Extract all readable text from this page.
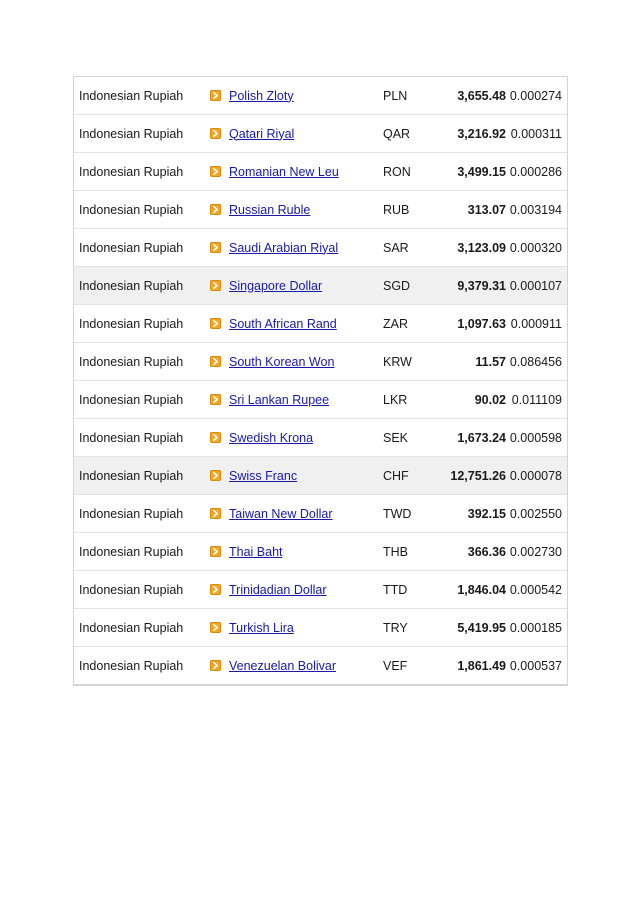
Indonesian Rupiah	Polish Zloty	PLN	3,655.48 0.000274
Indonesian Rupiah	Qatari Riyal	QAR	3,216.92 0.000311
Indonesian Rupiah	Romanian New Leu	RON	3,499.15 0.000286
Indonesian Rupiah	Russian Ruble	RUB	313.07 0.003194
Indonesian Rupiah	Saudi Arabian Riyal	SAR	3,123.09 0.000320
Indonesian Rupiah	Singapore Dollar	SGD	9,379.31 0.000107
Indonesian Rupiah	South African Rand	ZAR	1,097.63 0.000911
Indonesian Rupiah	South Korean Won	KRW	11.57 0.086456
Indonesian Rupiah	Sri Lankan Rupee	LKR	90.02 0.011109
Indonesian Rupiah	Swedish Krona	SEK	1,673.24 0.000598
Indonesian Rupiah	Swiss Franc	CHF	12,751.26 0.000078
Indonesian Rupiah	Taiwan New Dollar	TWD	392.15 0.002550
Indonesian Rupiah	Thai Baht	THB	366.36 0.002730
Indonesian Rupiah	Trinidadian Dollar	TTD	1,846.04 0.000542
Indonesian Rupiah	Turkish Lira	TRY	5,419.95 0.000185
Indonesian Rupiah	Venezuelan Bolivar	VEF	1,861.49 0.000537
